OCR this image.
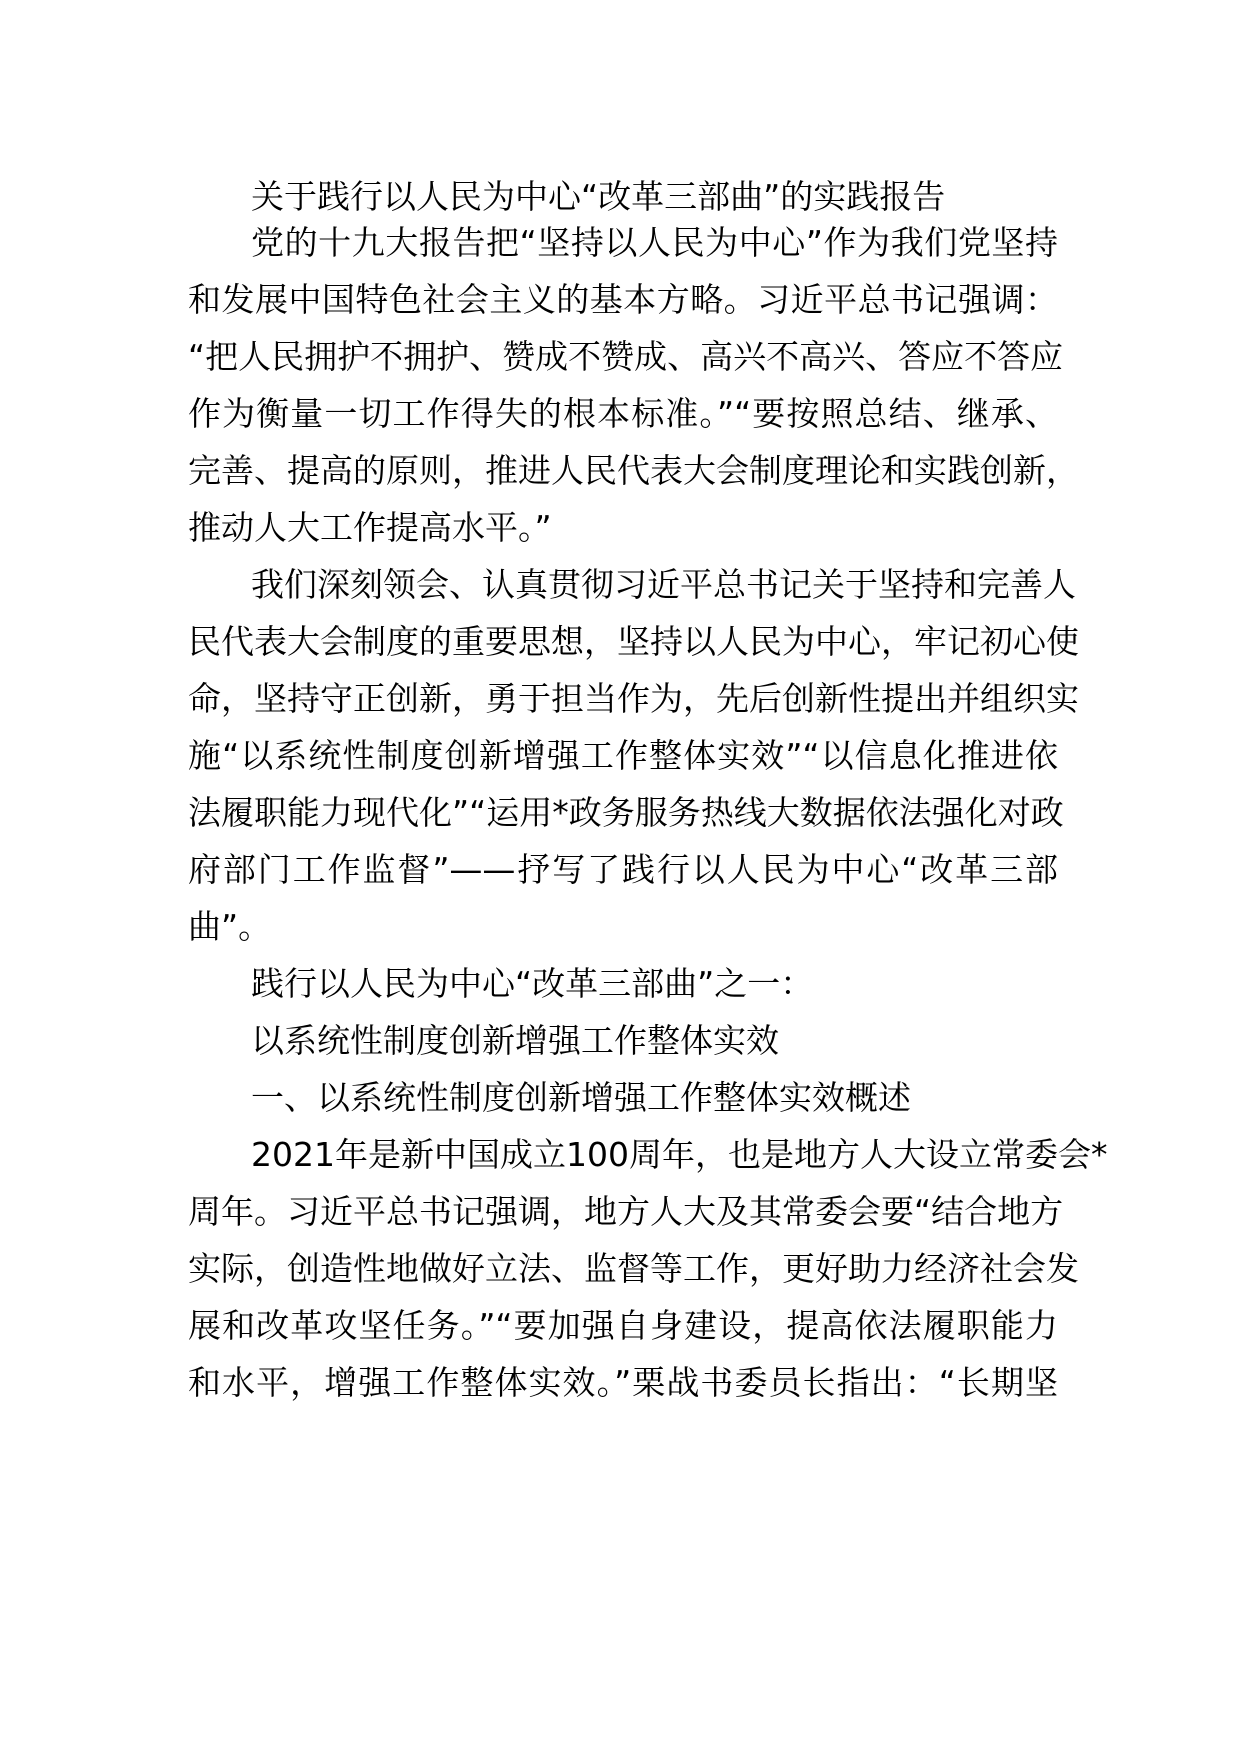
关于践行以人民为中心“改革三部曲”的实践报告
党的十九大报告把“坚持以人民为中心”作为我们党坚持
和发展中国特色社会主义的基本方略。习近平总书记强调：
“把人民拥护不拥护、赞成不赞成、高兴不高兴、答应不答应
作为衡量一切工作得失的根本标准。”“要按照总结、继承、
完善、提高的原则，推进人民代表大会制度理论和实践创新，
推动人大工作提高水平。”
我们深刻领会、认真贯彻习近平总书记关于坚持和完善人
民代表大会制度的重要思想，坚持以人民为中心，牢记初心使
命，坚持守正创新，勇于担当作为，先后创新性提出并组织实
施“以系统性制度创新增强工作整体实效”“以信息化推进依
法履职能力现代化”“运用*政务服务热线大数据依法强化对政
府部门工作监督”——抒写了践行以人民为中心“改革三部
曲”。
践行以人民为中心“改革三部曲”之一：
以系统性制度创新增强工作整体实效
一、以系统性制度创新增强工作整体实效概述
2021年是新中国成立100周年，也是地方人大设立常委会*
周年。习近平总书记强调，地方人大及其常委会要“结合地方
实际，创造性地做好立法、监督等工作，更好助力经济社会发
展和改革攻坚任务。”“要加强自身建设，提高依法履职能力
和水平，增强工作整体实效。”栗战书委员长指出：“长期坚
